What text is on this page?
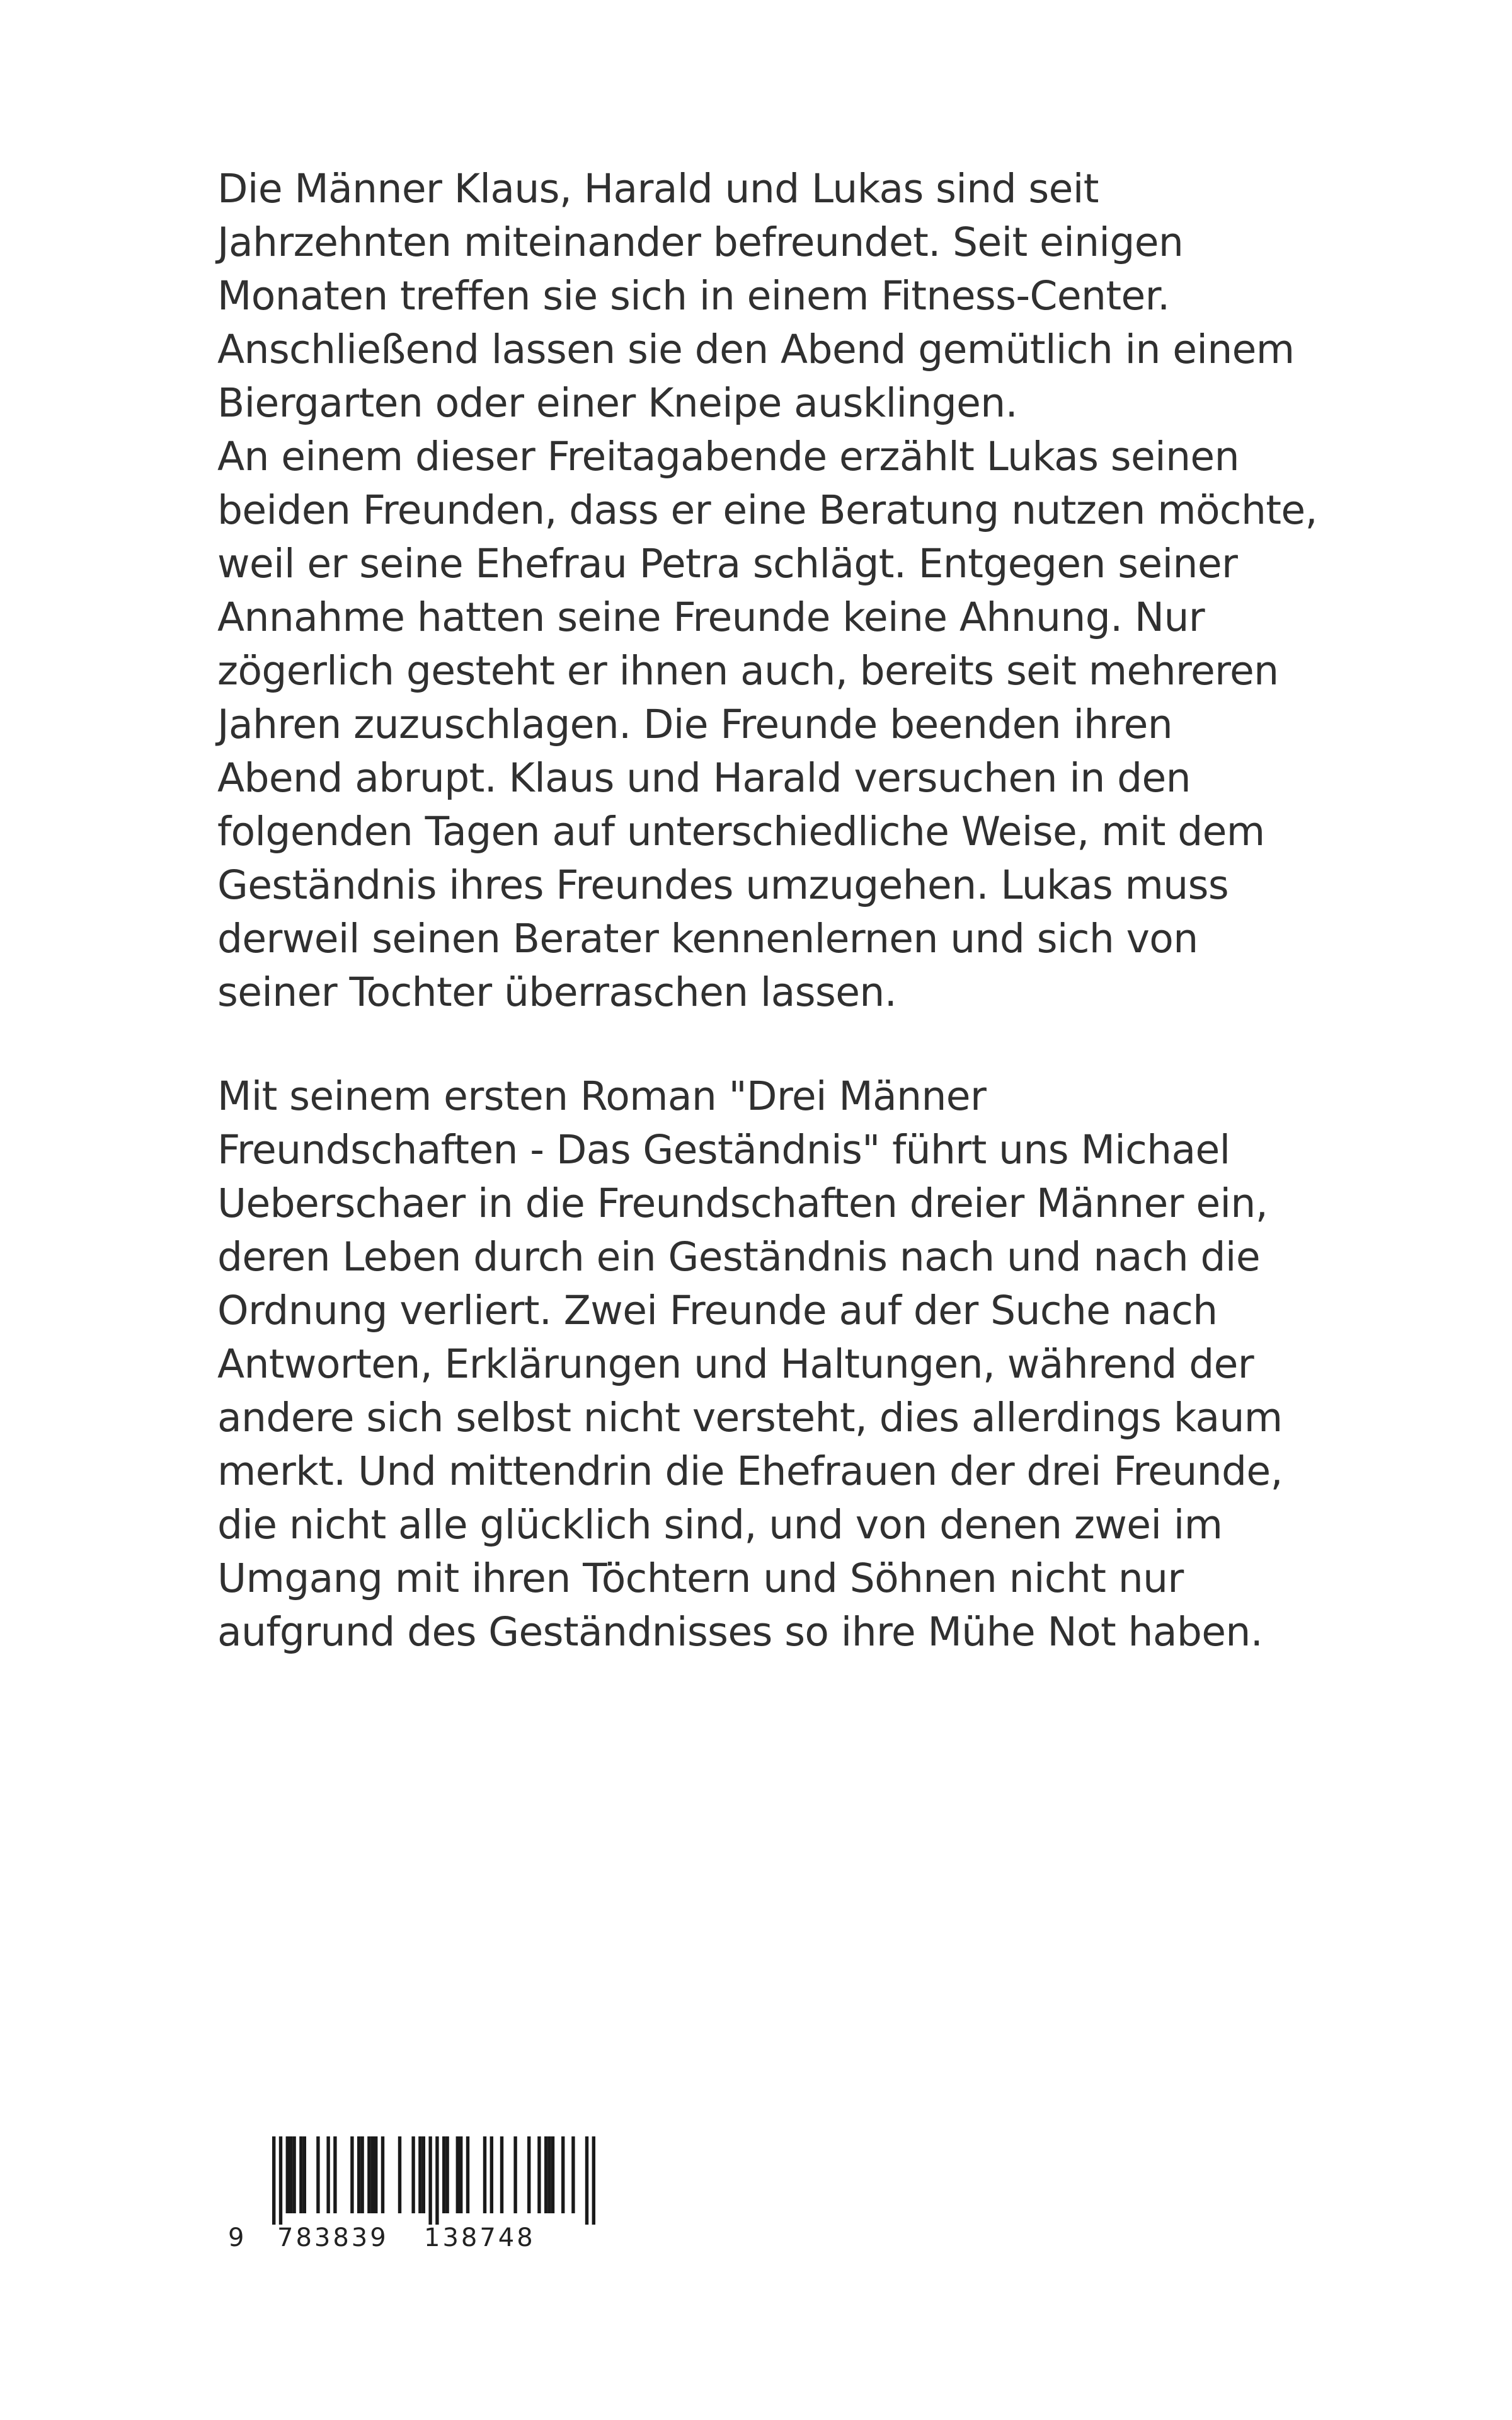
Die Männer Klaus, Harald und Lukas sind seit
Jahrzehnten miteinander befreundet. Seit einigen
Monaten treffen sie sich in einem Fitness-Center.
Anschließend lassen sie den Abend gemütlich in einem
Biergarten oder einer Kneipe ausklingen.
An einem dieser Freitagabende erzählt Lukas seinen
beiden Freunden, dass er eine Beratung nutzen möchte,
weil er seine Ehefrau Petra schlägt. Entgegen seiner
Annahme hatten seine Freunde keine Ahnung. Nur
zögerlich gesteht er ihnen auch, bereits seit mehreren
Jahren zuzuschlagen. Die Freunde beenden ihren
Abend abrupt. Klaus und Harald versuchen in den
folgenden Tagen auf unterschiedliche Weise, mit dem
Geständnis ihres Freundes umzugehen. Lukas muss
derweil seinen Berater kennenlernen und sich von
seiner Tochter überraschen lassen.
Mit seinem ersten Roman "Drei Männer
Freundschaften - Das Geständnis" führt uns Michael
Ueberschaer in die Freundschaften dreier Männer ein,
deren Leben durch ein Geständnis nach und nach die
Ordnung verliert. Zwei Freunde auf der Suche nach
Antworten, Erklärungen und Haltungen, während der
andere sich selbst nicht versteht, dies allerdings kaum
merkt. Und mittendrin die Ehefrauen der drei Freunde,
die nicht alle glücklich sind, und von denen zwei im
Umgang mit ihren Töchtern und Söhnen nicht nur
aufgrund des Geständnisses so ihre Mühe Not haben.
9 783839 138748
